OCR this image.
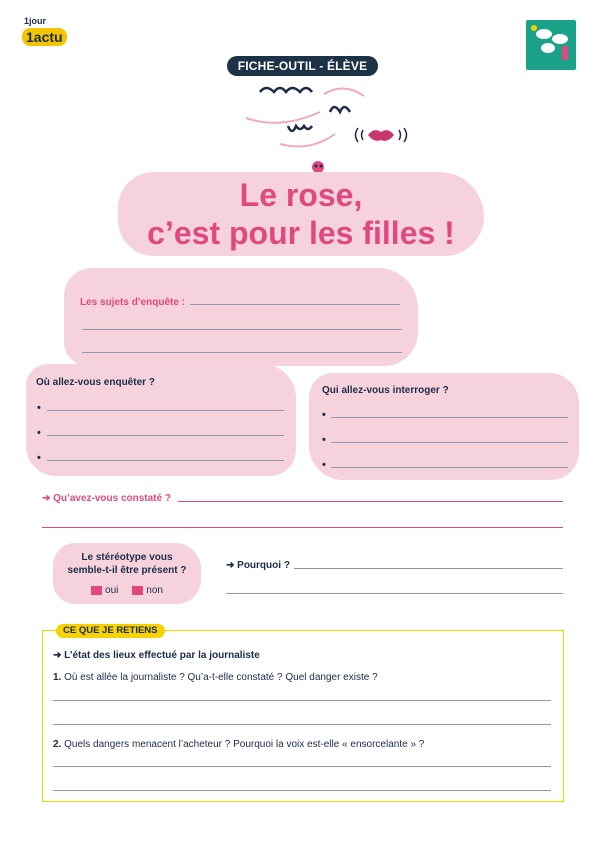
1jour
1actu
FICHE-OUTIL - ÉLÈVE
Le rose,
c’est pour les filles !
Les sujets d’enquête :
Où allez-vous enquêter ?
•
•
•
Qui allez-vous interroger ?
•
•
•
➜ Qu’avez-vous constaté ?
Le stéréotype vous
semble-t-il être présent ?
oui	non
➜ Pourquoi ?
CE QUE JE RETIENS
➜ L’état des lieux effectué par la journaliste
1. Où est allée la journaliste ? Qu’a-t-elle constaté ? Quel danger existe ?
2. Quels dangers menacent l’acheteur ? Pourquoi la voix est-elle « ensorcelante » ?
